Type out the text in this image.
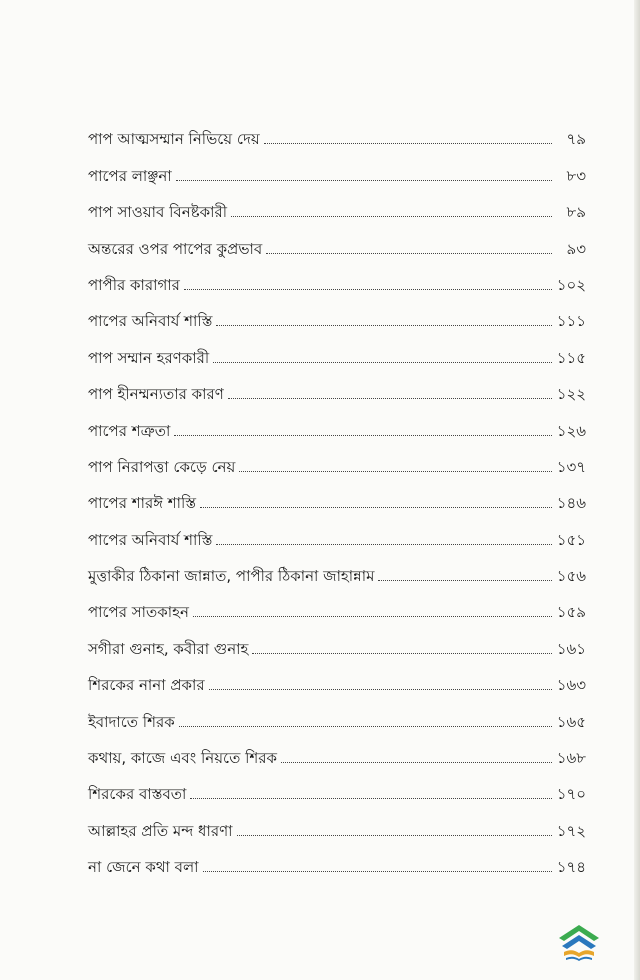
পাপ আত্মসম্মান নিভিয়ে দেয়	৭৯
পাপের লাঞ্ছনা	৮৩
পাপ সাওয়াব বিনষ্টকারী	৮৯
অন্তরের ওপর পাপের কুপ্রভাব	৯৩
পাপীর কারাগার	১০২
পাপের অনিবার্য শাস্তি	১১১
পাপ সম্মান হরণকারী	১১৫
পাপ হীনম্মন্যতার কারণ	১২২
পাপের শত্রুতা	১২৬
পাপ নিরাপত্তা কেড়ে নেয়	১৩৭
পাপের শারঈ শাস্তি	১৪৬
পাপের অনিবার্য শাস্তি	১৫১
মুত্তাকীর ঠিকানা জান্নাত, পাপীর ঠিকানা জাহান্নাম	১৫৬
পাপের সাতকাহন	১৫৯
সগীরা গুনাহ, কবীরা গুনাহ	১৬১
শিরকের নানা প্রকার	১৬৩
ইবাদাতে শিরক	১৬৫
কথায়, কাজে এবং নিয়তে শিরক	১৬৮
শিরকের বাস্তবতা	১৭০
আল্লাহর প্রতি মন্দ ধারণা	১৭২
না জেনে কথা বলা	১৭৪
